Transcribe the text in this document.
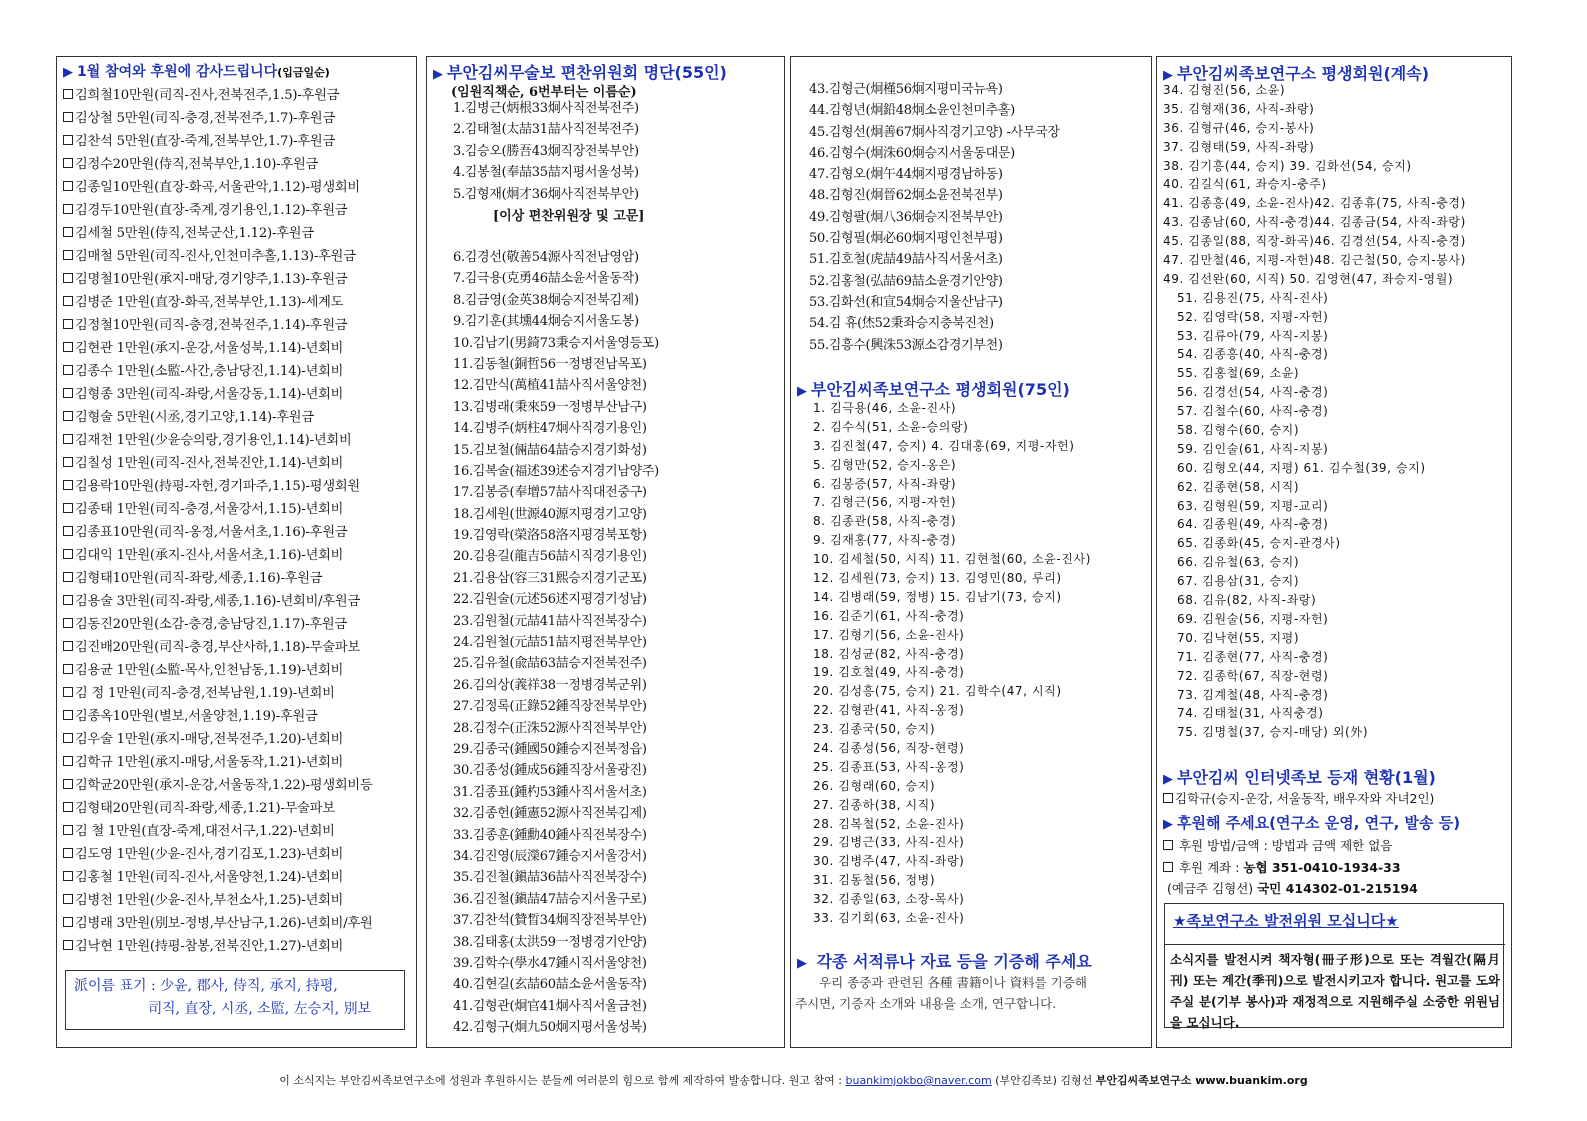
▶ 1월 참여와 후원에 감사드립니다(입금일순)
김희철10만원(司직-진사,전북전주,1.5)-후원금
김상철 5만원(司직-충경,전북전주,1.7)-후원금
김찬석 5만원(直장-죽계,전북부안,1.7)-후원금
김정수20만원(侍직,전북부안,1.10)-후원금
김종일10만원(直장-화곡,서울관악,1.12)-평생회비
김경두10만원(直장-죽계,경기용인,1.12)-후원금
김세철 5만원(侍직,전북군산,1.12)-후원금
김매철 5만원(司직-진사,인천미추홀,1.13)-후원금
김명철10만원(承지-매당,경기양주,1.13)-후원금
김병준 1만원(直장-화곡,전북부안,1.13)-세계도
김정철10만원(司직-충경,전북전주,1.14)-후원금
김현관 1만원(承지-운강,서울성북,1.14)-년회비
김종수 1만원(소監-사간,충남당진,1.14)-년회비
김형종 3만원(司직-좌랑,서울강동,1.14)-년회비
김형술 5만원(시丞,경기고양,1.14)-후원금
김재천 1만원(少윤승의랑,경기용인,1.14)-년회비
김칠성 1만원(司직-진사,전북진안,1.14)-년회비
김용락10만원(持평-자헌,경기파주,1.15)-평생회원
김종태 1만원(司직-충경,서울강서,1.15)-년회비
김종표10만원(司직-옹정,서울서초,1.16)-후원금
김대익 1만원(承지-진사,서울서초,1.16)-년회비
김형태10만원(司직-좌랑,세종,1.16)-후원금
김용술 3만원(司직-좌랑,세종,1.16)-년회비/후원금
김동진20만원(소감-충경,충남당진,1.17)-후원금
김진배20만원(司직-충경,부산사하,1.18)-무술파보
김용균 1만원(소監-목사,인천남동,1.19)-년회비
김 정 1만원(司직-충경,전북남원,1.19)-년회비
김종옥10만원(별보,서울양천,1.19)-후원금
김우술 1만원(承지-매당,전북전주,1.20)-년회비
김학규 1만원(承지-매당,서울동작,1.21)-년회비
김학균20만원(承지-운강,서울동작,1.22)-평생회비등
김형태20만원(司직-좌랑,세종,1.21)-무술파보
김 철 1만원(直장-죽계,대전서구,1.22)-년회비
김도영 1만원(少윤-진사,경기김포,1.23)-년회비
김홍철 1만원(司직-진사,서울양천,1.24)-년회비
김병천 1만원(少윤-진사,부천소사,1.25)-년회비
김병래 3만원(別보-정병,부산남구,1.26)-년회비/후원
김낙현 1만원(持평-참봉,전북진안,1.27)-년회비
派이름 표기 : 少윤, 郡사, 侍직, 承지, 持평,
司직, 直장, 시丞, 소監, 左승지, 別보
▶ 부안김씨무술보 편찬위원회 명단(55인)
(임원직책순, 6번부터는 이름순)
1.김병근(炳根33炯사직전북전주)
2.김태철(太喆31喆사직전북전주)
3.김승오(勝吾43炯직장전북부안)
4.김봉철(奉喆35喆지평서울성북)
5.김형재(炯才36炯사직전북부안)
[이상 편찬위원장 및 고문]
6.김경선(敬善54源사직전남영암)
7.김극용(克勇46喆소윤서울동작)
8.김금영(金英38炯승지전북김제)
9.김기훈(其壎44炯승지서울도봉)
10.김남기(男錡73秉승지서울영등포)
11.김동철(銅哲56一정병전남목포)
12.김만식(萬植41喆사직서울양천)
13.김병래(秉來59一정병부산남구)
14.김병주(炳柱47炯사직경기용인)
15.김보철(倆喆64喆승지경기화성)
16.김복술(福述39述승지경기남양주)
17.김봉증(奉增57喆사직대전중구)
18.김세원(世源40源지평경기고양)
19.김영락(榮洛58洛지평경북포항)
20.김용길(龍吉56喆시직경기용인)
21.김용삼(容三31熙승지경기군포)
22.김원술(元述56述지평경기성남)
23.김원철(元喆41喆사직전북장수)
24.김원철(元喆51喆지평전북부안)
25.김유철(兪喆63喆승지전북전주)
26.김의상(義祥38一정병경북군위)
27.김정록(正錄52鍾직장전북부안)
28.김정수(正洙52源사직전북부안)
29.김종국(鍾國50鍾승지전북정읍)
30.김종성(鍾成56鍾직장서울광진)
31.김종표(鍾杓53鍾사직서울서초)
32.김종헌(鍾憲52源사직전북김제)
33.김종훈(鍾勳40鍾사직전북장수)
34.김진영(辰濚67鍾승지서울강서)
35.김진철(鎭喆36喆사직전북장수)
36.김진철(鎭喆47喆승지서울구로)
37.김찬석(贊晳34炯직장전북부안)
38.김태홍(太洪59一정병경기안양)
39.김학수(學水47鍾시직서울양천)
40.김현길(玄喆60喆소윤서울동작)
41.김형관(炯官41炯사직서울금천)
42.김형구(炯九50炯지평서울성북)
43.김형근(炯槿56炯지평미국뉴욕)
44.김형년(炯鉛48炯소윤인천미추홀)
45.김형선(炯善67炯사직경기고양) -사무국장
46.김형수(炯洙60炯승지서울동대문)
47.김형오(炯午44炯지평경남하동)
48.김형진(炯晉62炯소윤전북전부)
49.김형팔(炯八36炯승지전북부안)
50.김형필(炯必60炯지평인천부평)
51.김호철(虎喆49喆사직서울서초)
52.김홍철(弘喆69喆소윤경기안양)
53.김화선(和宣54炯승지울산남구)
54.김 휴(烋52秉좌승지충북진천)
55.김흥수(興洙53源소감경기부천)
▶ 부안김씨족보연구소 평생회원(75인)
1. 김극용(46, 소윤-진사)
2. 김수식(51, 소윤-승의랑)
3. 김진철(47, 승지) 4. 김대홍(69, 지평-자헌)
5. 김형만(52, 승지-옹은)
6. 김봉증(57, 사직-좌랑)
7. 김형근(56, 지평-자헌)
8. 김종관(58, 사직-충경)
9. 김재홍(77, 사직-충경)
10. 김세철(50, 시직) 11. 김현철(60, 소윤-진사)
12. 김세원(73, 승지) 13. 김영민(80, 루리)
14. 김병래(59, 정병) 15. 김남기(73, 승지)
16. 김준기(61, 사직-충경)
17. 김형기(56, 소윤-진사)
18. 김성균(82, 사직-충경)
19. 김호철(49, 사직-충경)
20. 김성흥(75, 승지) 21. 김학수(47, 시직)
22. 김형관(41, 사직-옹정)
23. 김종국(50, 승지)
24. 김종성(56, 직장-현령)
25. 김종표(53, 사직-옹정)
26. 김형래(60, 승지)
27. 김종하(38, 시직)
28. 김복철(52, 소윤-진사)
29. 김병근(33, 사직-진사)
30. 김병주(47, 사직-좌랑)
31. 김동철(56, 정병)
32. 김종일(63, 소장-목사)
33. 김기회(63, 소윤-진사)
▶ 각종 서적류나 자료 등을 기증해 주세요
우리 종중과 관련된 各種 書籍이나 資料를 기증해
주시면, 기증자 소개와 내용을 소개, 연구합니다.
▶ 부안김씨족보연구소 평생회원(계속)
34. 김형진(56, 소윤)
35. 김형재(36, 사직-좌랑)
36. 김형규(46, 승지-봉사)
37. 김형태(59, 사직-좌랑)
38. 김기흥(44, 승지) 39. 김화선(54, 승지)
40. 김길식(61, 좌승지-충주)
41. 김종흥(49, 소윤-진사)42. 김종휴(75, 사직-충경)
43. 김종남(60, 사직-충경)44. 김종금(54, 사직-좌랑)
45. 김종일(88, 직장-화곡)46. 김경선(54, 사직-충경)
47. 김만철(46, 지평-자헌)48. 김근철(50, 승지-봉사)
49. 김선완(60, 시직) 50. 김영현(47, 좌승지-영월)
51. 김용진(75, 사직-진사)
52. 김영락(58, 지평-자헌)
53. 김류아(79, 사직-지봉)
54. 김종흥(40, 사직-충경)
55. 김홍철(69, 소윤)
56. 김경선(54, 사직-충경)
57. 김철수(60, 사직-충경)
58. 김형수(60, 승지)
59. 김인술(61, 사직-지봉)
60. 김형오(44, 지평) 61. 김수철(39, 승지)
62. 김종현(58, 시직)
63. 김형원(59, 지평-교리)
64. 김종원(49, 사직-충경)
65. 김종화(45, 승지-관경사)
66. 김유철(63, 승지)
67. 김용삼(31, 승지)
68. 김유(82, 사직-좌랑)
69. 김원술(56, 지평-자헌)
70. 김낙현(55, 지평)
71. 김종현(77, 사직-충경)
72. 김종학(67, 직장-현령)
73. 김계철(48, 사직-충경)
74. 김태철(31, 사직충경)
75. 김명철(37, 승지-매당) 외(外)
▶ 부안김씨 인터넷족보 등재 현황(1월)
김학규(승지-운강, 서울동작, 배우자와 자녀2인)
▶ 후원해 주세요(연구소 운영, 연구, 발송 등)
후원 방법/금액 : 방법과 금액 제한 없음
후원 계좌 : 농협 351-0410-1934-33
(예금주 김형선) 국민 414302-01-215194
★족보연구소 발전위원 모십니다★
소식지를 발전시켜 책자형(冊子形)으로 또는 격월간(隔月刊) 또는 계간(季刊)으로 발전시키고자 합니다. 원고를 도와주실 분(기부 봉사)과 재정적으로 지원해주실 소중한 위원님을 모십니다.
이 소식지는 부안김씨족보연구소에 성원과 후원하시는 분들께 여러분의 힘으로 함께 제작하여 발송합니다. 원고 참여 : buankimjokbo@naver.com (부안김족보) 김형선 부안김씨족보연구소 www.buankim.org
